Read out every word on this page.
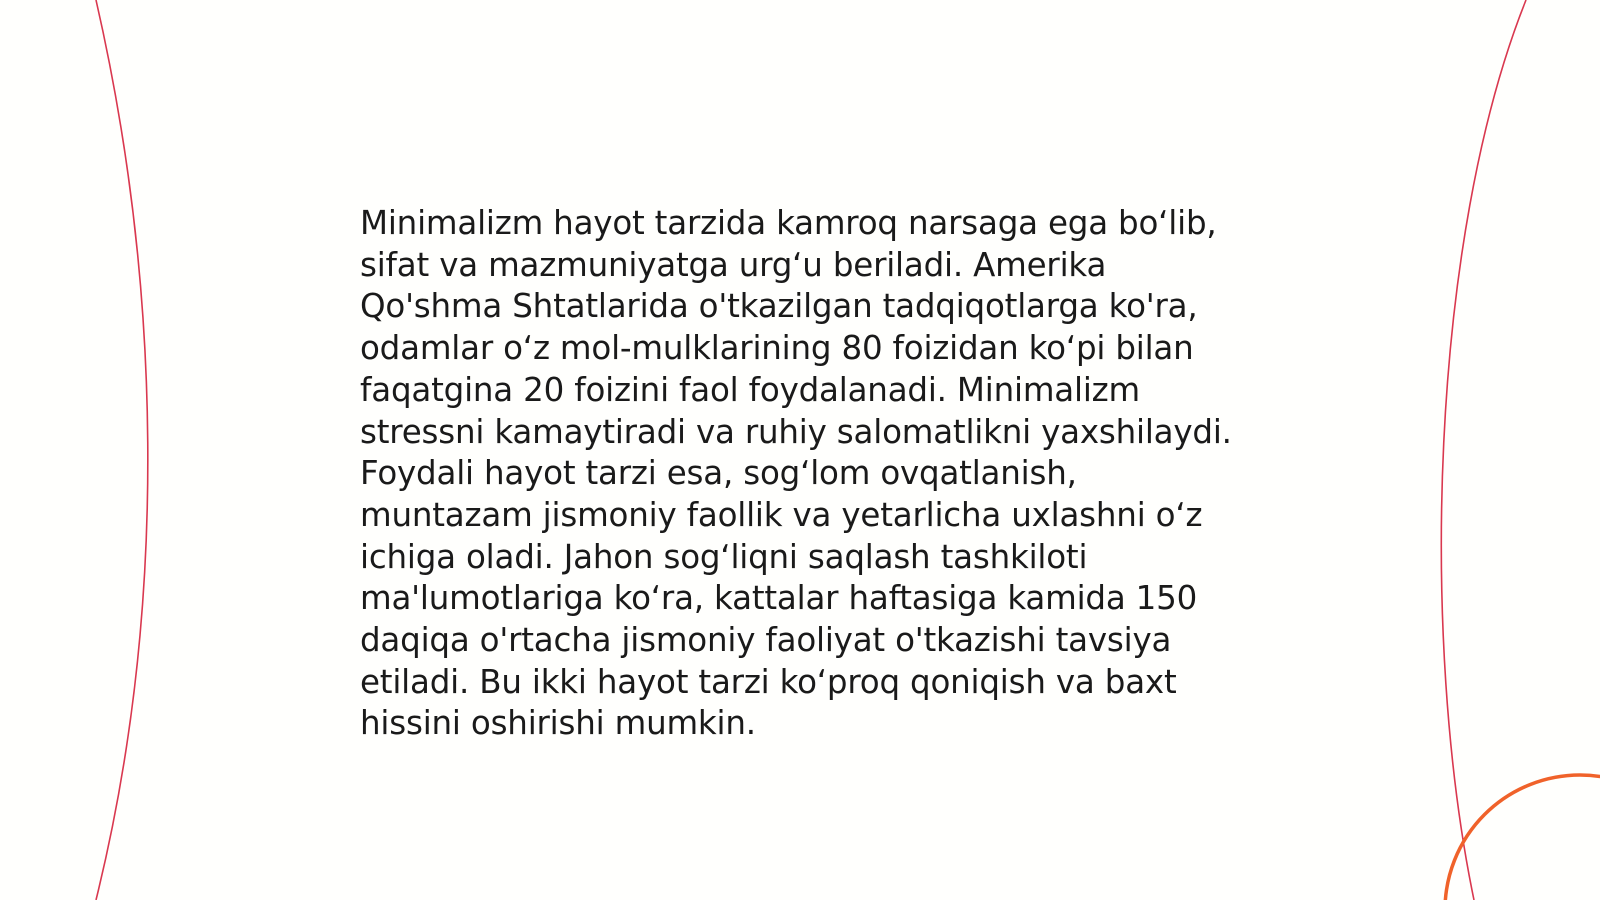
Minimalizm hayot tarzida kamroq narsaga ega bo‘lib,
sifat va mazmuniyatga urg‘u beriladi. Amerika
Qo'shma Shtatlarida o'tkazilgan tadqiqotlarga ko'ra,
odamlar o‘z mol-mulklarining 80 foizidan ko‘pi bilan
faqatgina 20 foizini faol foydalanadi. Minimalizm
stressni kamaytiradi va ruhiy salomatlikni yaxshilaydi.
Foydali hayot tarzi esa, sog‘lom ovqatlanish,
muntazam jismoniy faollik va yetarlicha uxlashni o‘z
ichiga oladi. Jahon sog‘liqni saqlash tashkiloti
ma'lumotlariga ko‘ra, kattalar haftasiga kamida 150
daqiqa o'rtacha jismoniy faoliyat o'tkazishi tavsiya
etiladi. Bu ikki hayot tarzi ko‘proq qoniqish va baxt
hissini oshirishi mumkin.
